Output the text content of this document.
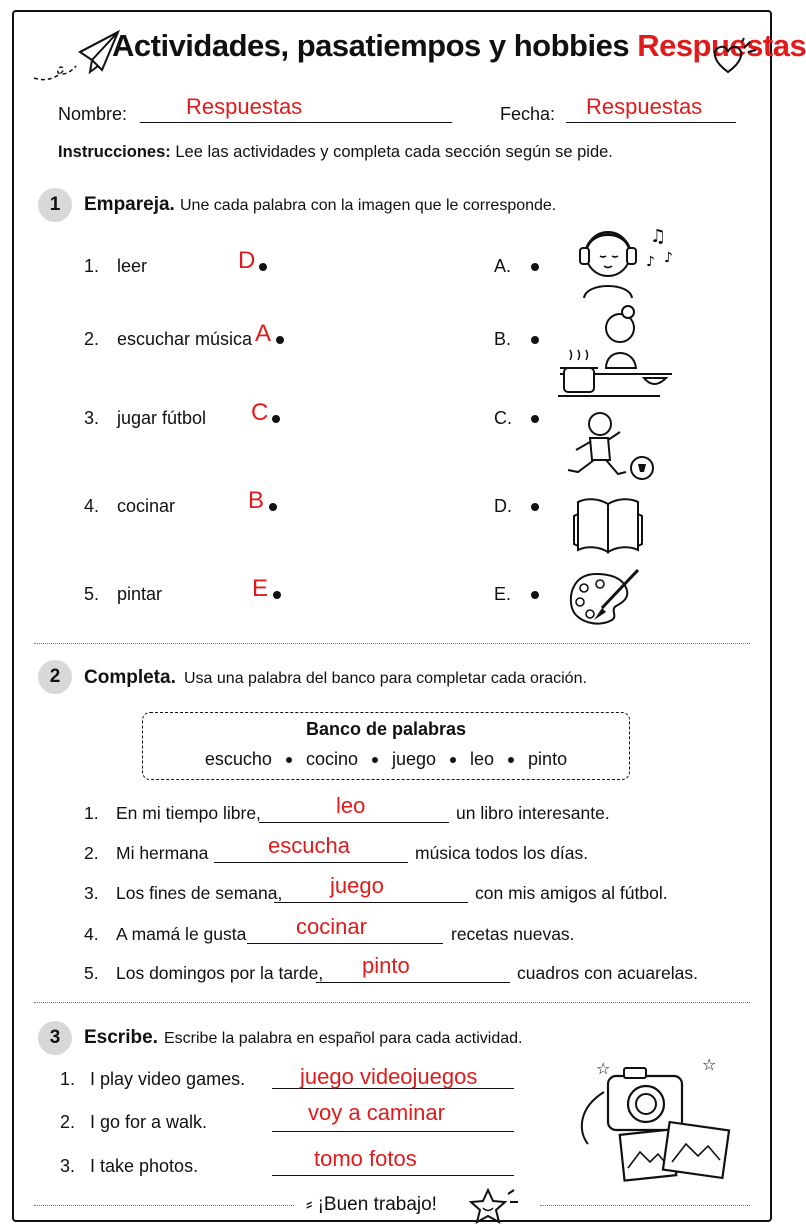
Actividades, pasatiempos y hobbies Respuestas
Nombre:	Respuestas	Fecha: Respuestas
Instrucciones: Lee las actividades y completa cada sección según se pide.
1	Empareja. Une cada palabra con la imagen que le corresponde.
1. leer	D	A.
2. escuchar música A	B.
3. jugar fútbol C	C.
4. cocinar	B	D.
5. pintar	E	E.
♫
♪ ♪
2	Completa. Usa una palabra del banco para completar cada oración.
Banco de palabras
escucho cocino juego leo pinto
1. En mi tiempo libre,	leo	un libro interesante.
2. Mi hermana	escucha	música todos los días.
3. Los fines de semana, juego	con mis amigos al fútbol.
4. A mamá le gusta cocinar	recetas nuevas.
5. Los domingos por la tarde, pinto	cuadros con acuarelas.
3	Escribe. Escribe la palabra en español para cada actividad.
1. I play video games. juego videojuegos
2. I go for a walk.	voy a caminar
3. I take photos.	tomo fotos
☆	☆
⸗ ¡Buen trabajo!
